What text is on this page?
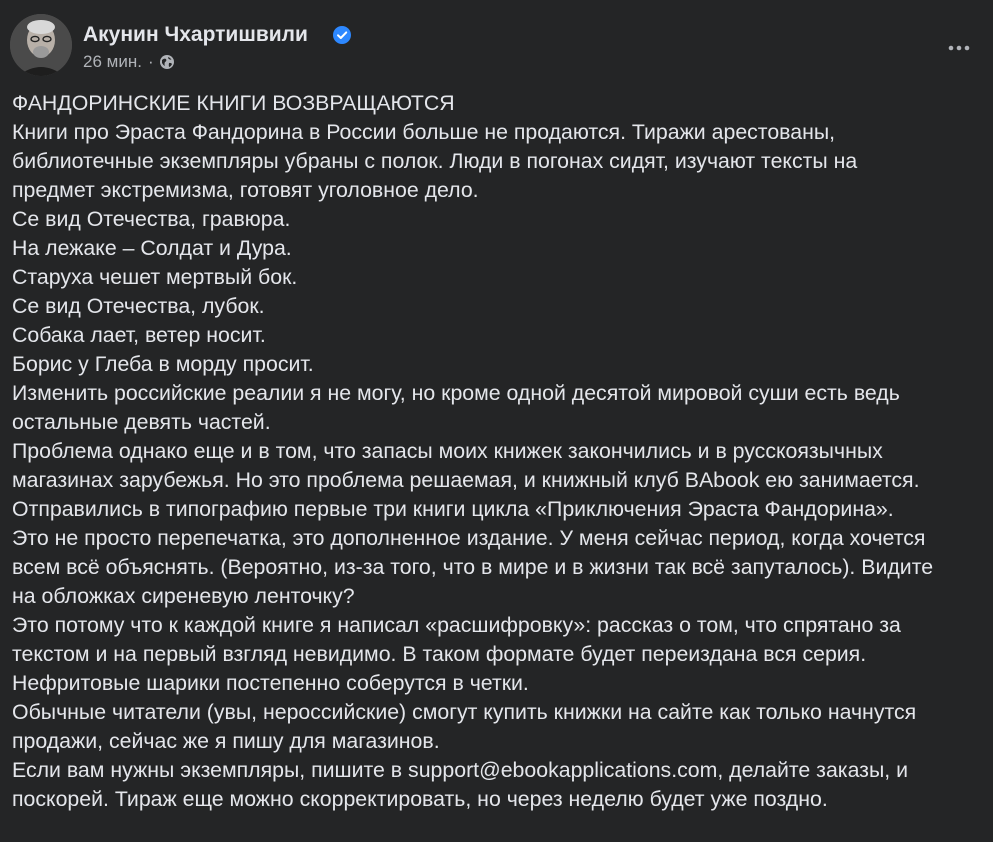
Акунин Чхартишвили
26 мин. ·
ФАНДОРИНСКИЕ КНИГИ ВОЗВРАЩАЮТСЯ
Книги про Эраста Фандорина в России больше не продаются. Тиражи арестованы,
библиотечные экземпляры убраны с полок. Люди в погонах сидят, изучают тексты на
предмет экстремизма, готовят уголовное дело.
Се вид Отечества, гравюра.
На лежаке – Солдат и Дура.
Старуха чешет мертвый бок.
Се вид Отечества, лубок.
Собака лает, ветер носит.
Борис у Глеба в морду просит.
Изменить российские реалии я не могу, но кроме одной десятой мировой суши есть ведь
остальные девять частей.
Проблема однако еще и в том, что запасы моих книжек закончились и в русскоязычных
магазинах зарубежья. Но это проблема решаемая, и книжный клуб BAbook ею занимается.
Отправились в типографию первые три книги цикла «Приключения Эраста Фандорина».
Это не просто перепечатка, это дополненное издание. У меня сейчас период, когда хочется
всем всё объяснять. (Вероятно, из-за того, что в мире и в жизни так всё запуталось). Видите
на обложках сиреневую ленточку?
Это потому что к каждой книге я написал «расшифровку»: рассказ о том, что спрятано за
текстом и на первый взгляд невидимо. В таком формате будет переиздана вся серия.
Нефритовые шарики постепенно соберутся в четки.
Обычные читатели (увы, нероссийские) смогут купить книжки на сайте как только начнутся
продажи, сейчас же я пишу для магазинов.
Если вам нужны экземпляры, пишите в support@ebookapplications.com, делайте заказы, и
поскорей. Тираж еще можно скорректировать, но через неделю будет уже поздно.
